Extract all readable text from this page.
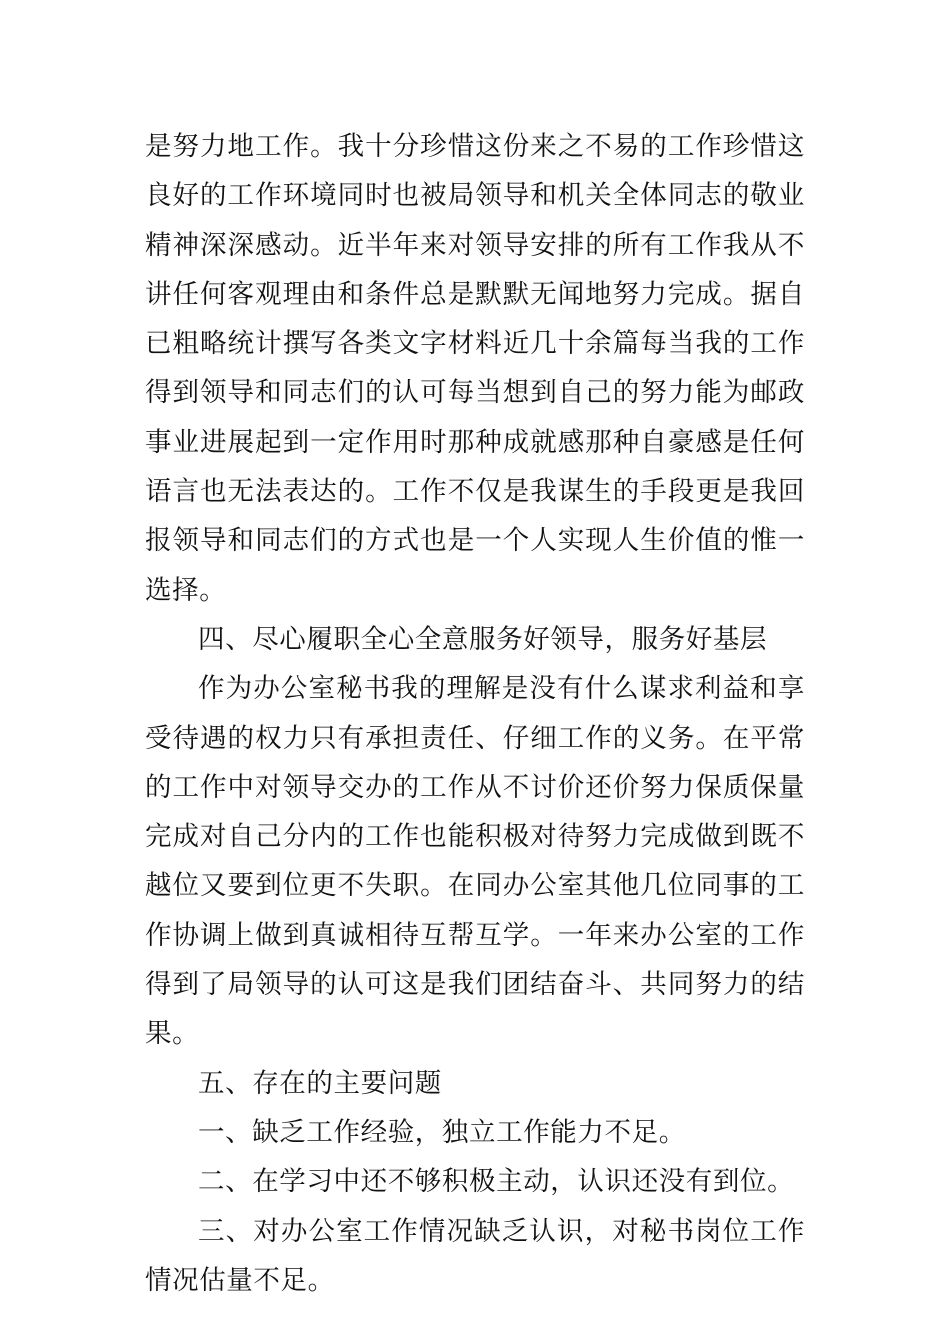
是努力地工作。我十分珍惜这份来之不易的工作珍惜这良好的工作环境同时也被局领导和机关全体同志的敬业精神深深感动。近半年来对领导安排的所有工作我从不讲任何客观理由和条件总是默默无闻地努力完成。据自已粗略统计撰写各类文字材料近几十余篇每当我的工作得到领导和同志们的认可每当想到自己的努力能为邮政事业进展起到一定作用时那种成就感那种自豪感是任何语言也无法表达的。工作不仅是我谋生的手段更是我回报领导和同志们的方式也是一个人实现人生价值的惟一选择。

四、尽心履职全心全意服务好领导，服务好基层

作为办公室秘书我的理解是没有什么谋求利益和享受待遇的权力只有承担责任、仔细工作的义务。在平常的工作中对领导交办的工作从不讨价还价努力保质保量完成对自己分内的工作也能积极对待努力完成做到既不越位又要到位更不失职。在同办公室其他几位同事的工作协调上做到真诚相待互帮互学。一年来办公室的工作得到了局领导的认可这是我们团结奋斗、共同努力的结果。

五、存在的主要问题

一、缺乏工作经验，独立工作能力不足。

二、在学习中还不够积极主动，认识还没有到位。

三、对办公室工作情况缺乏认识，对秘书岗位工作情况估量不足。
